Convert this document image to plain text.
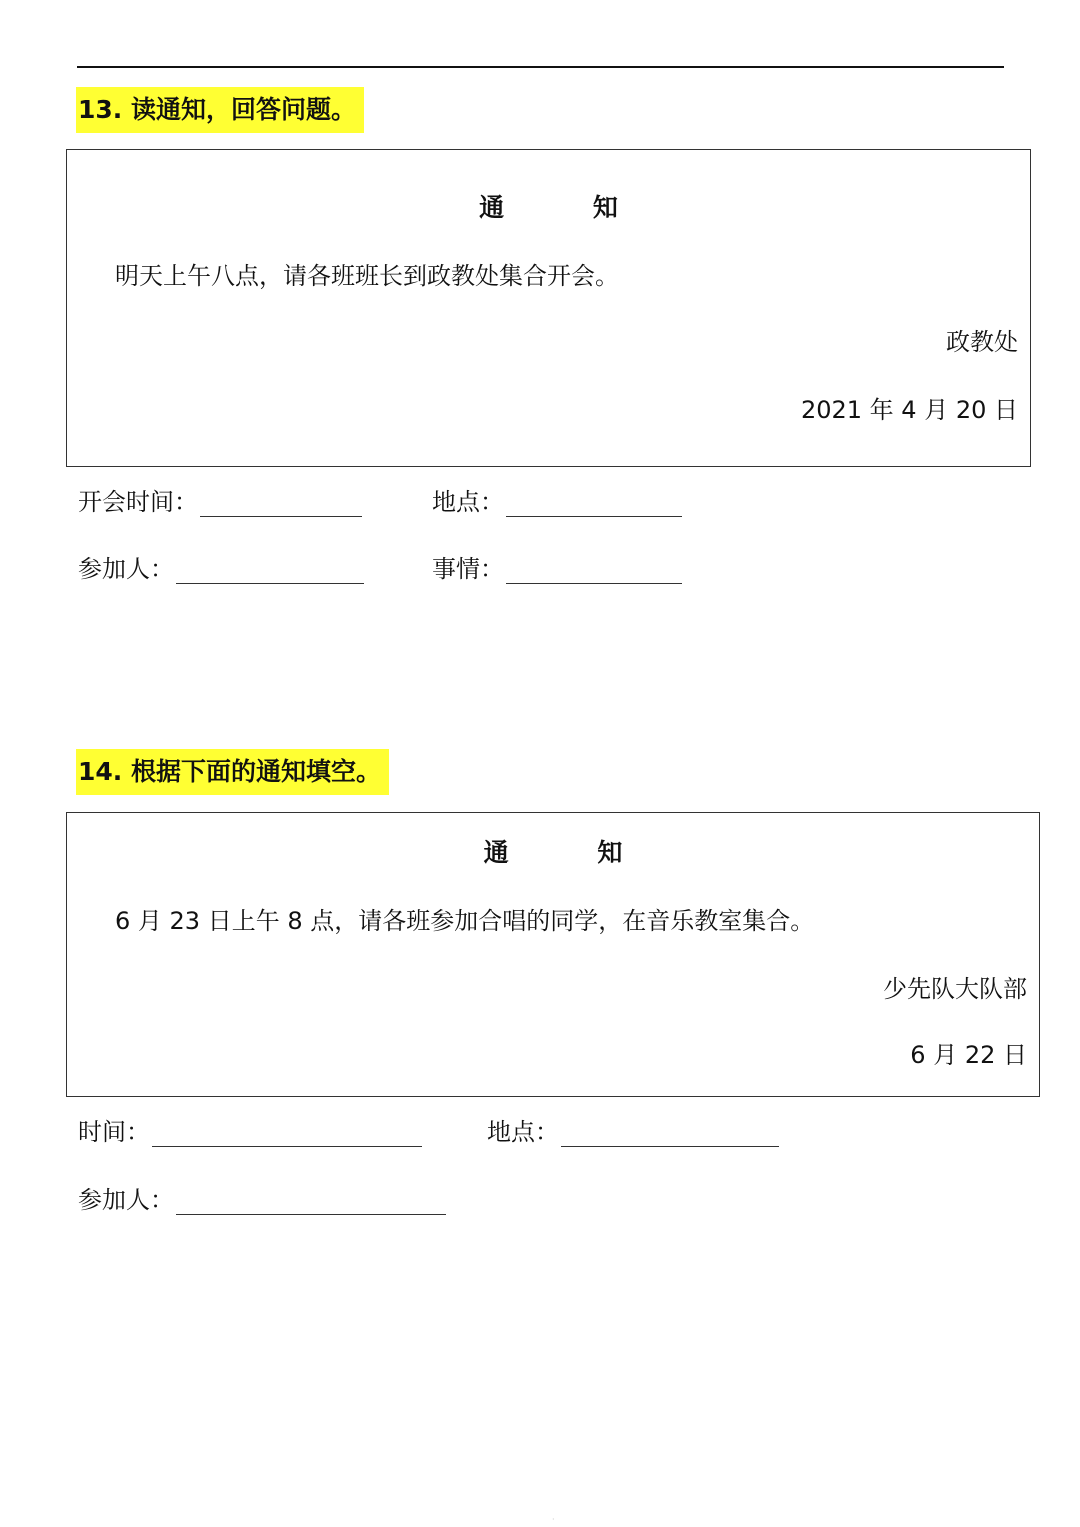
13. 读通知，回答问题。
通 知
明天上午八点，请各班班长到政教处集合开会。
政教处
2021 年 4 月 20 日
开会时间：	地点：
参加人：	事情：
14. 根据下面的通知填空。
通 知
6 月 23 日上午 8 点，请各班参加合唱的同学，在音乐教室集合。
少先队大队部
6 月 22 日
时间：	地点：
参加人：
·
